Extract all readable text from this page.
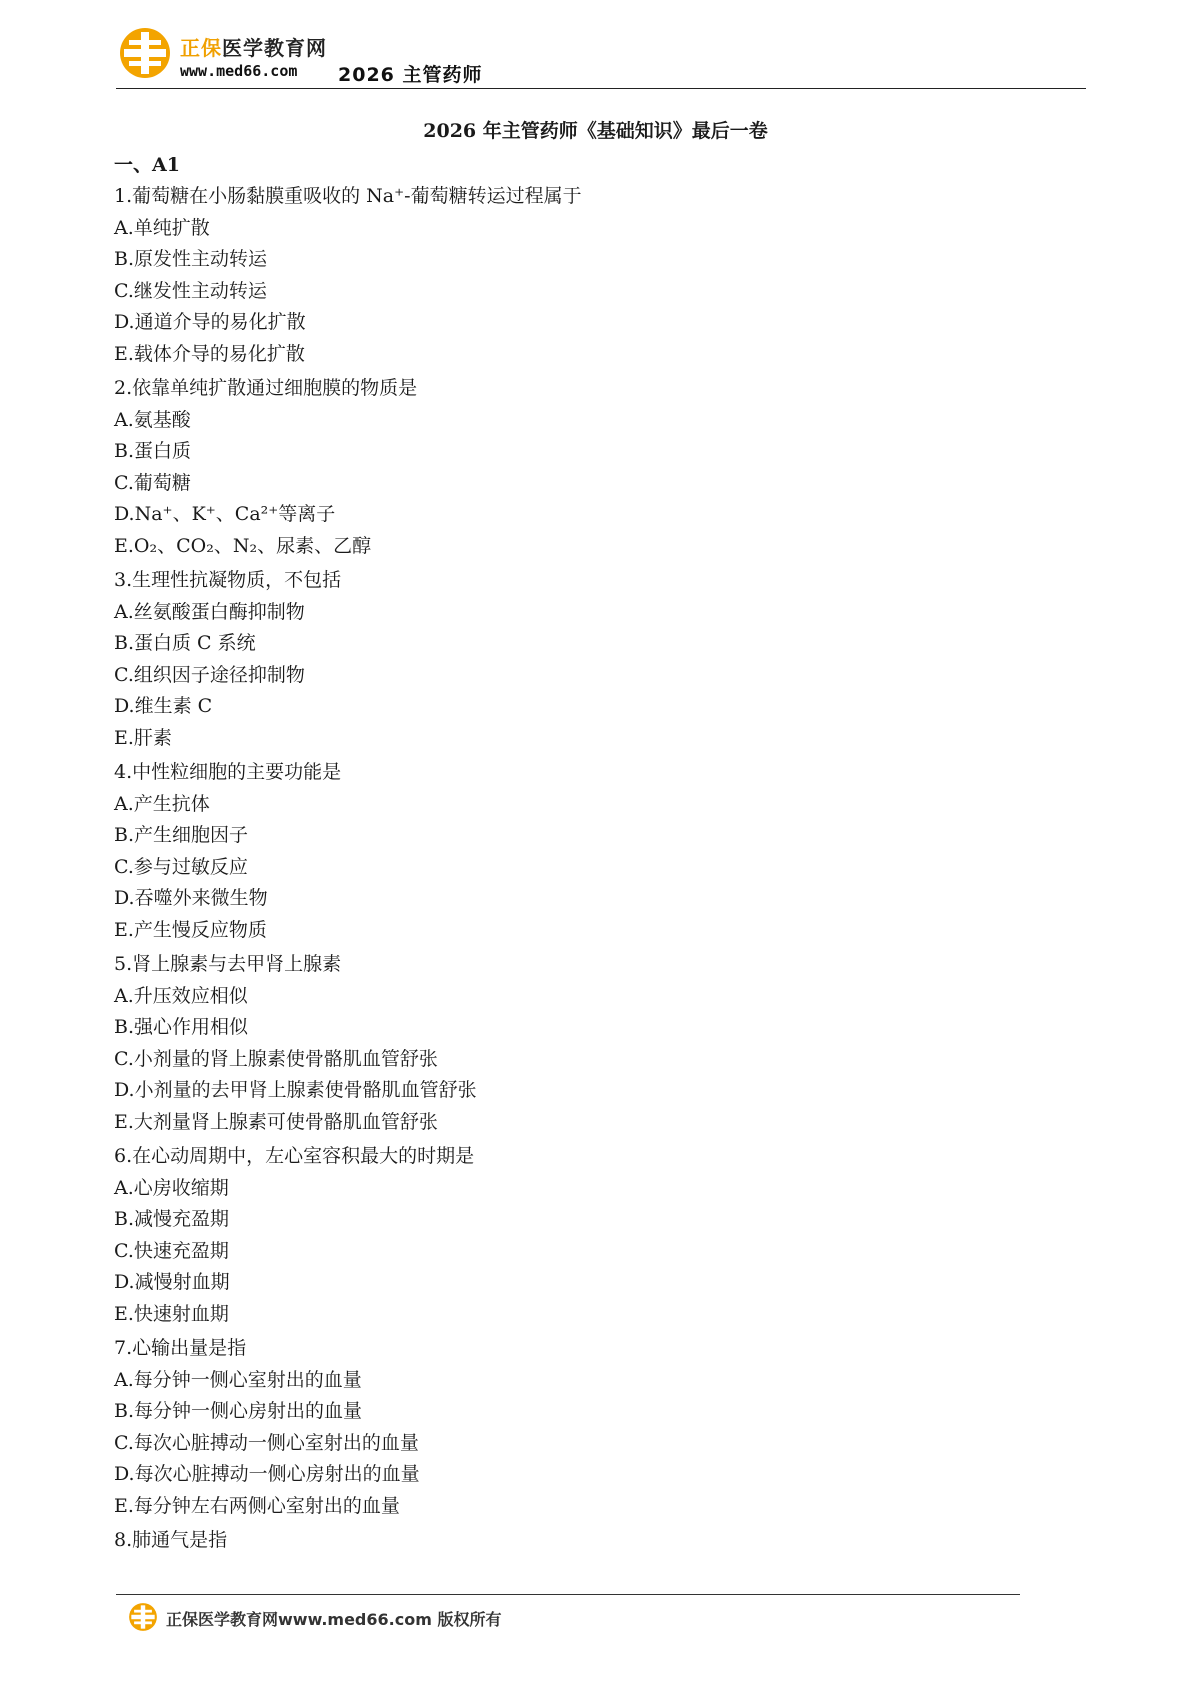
正保医学教育网
www.med66.com 2026 主管药师
2026 年主管药师《基础知识》最后一卷
一、A1
1.葡萄糖在小肠黏膜重吸收的 Na⁺-葡萄糖转运过程属于
A.单纯扩散
B.原发性主动转运
C.继发性主动转运
D.通道介导的易化扩散
E.载体介导的易化扩散
2.依靠单纯扩散通过细胞膜的物质是
A.氨基酸
B.蛋白质
C.葡萄糖
D.Na⁺、K⁺、Ca²⁺等离子
E.O₂、CO₂、N₂、尿素、乙醇
3.生理性抗凝物质，不包括
A.丝氨酸蛋白酶抑制物
B.蛋白质 C 系统
C.组织因子途径抑制物
D.维生素 C
E.肝素
4.中性粒细胞的主要功能是
A.产生抗体
B.产生细胞因子
C.参与过敏反应
D.吞噬外来微生物
E.产生慢反应物质
5.肾上腺素与去甲肾上腺素
A.升压效应相似
B.强心作用相似
C.小剂量的肾上腺素使骨骼肌血管舒张
D.小剂量的去甲肾上腺素使骨骼肌血管舒张
E.大剂量肾上腺素可使骨骼肌血管舒张
6.在心动周期中，左心室容积最大的时期是
A.心房收缩期
B.减慢充盈期
C.快速充盈期
D.减慢射血期
E.快速射血期
7.心输出量是指
A.每分钟一侧心室射出的血量
B.每分钟一侧心房射出的血量
C.每次心脏搏动一侧心室射出的血量
D.每次心脏搏动一侧心房射出的血量
E.每分钟左右两侧心室射出的血量
8.肺通气是指
正保医学教育网www.med66.com 版权所有
